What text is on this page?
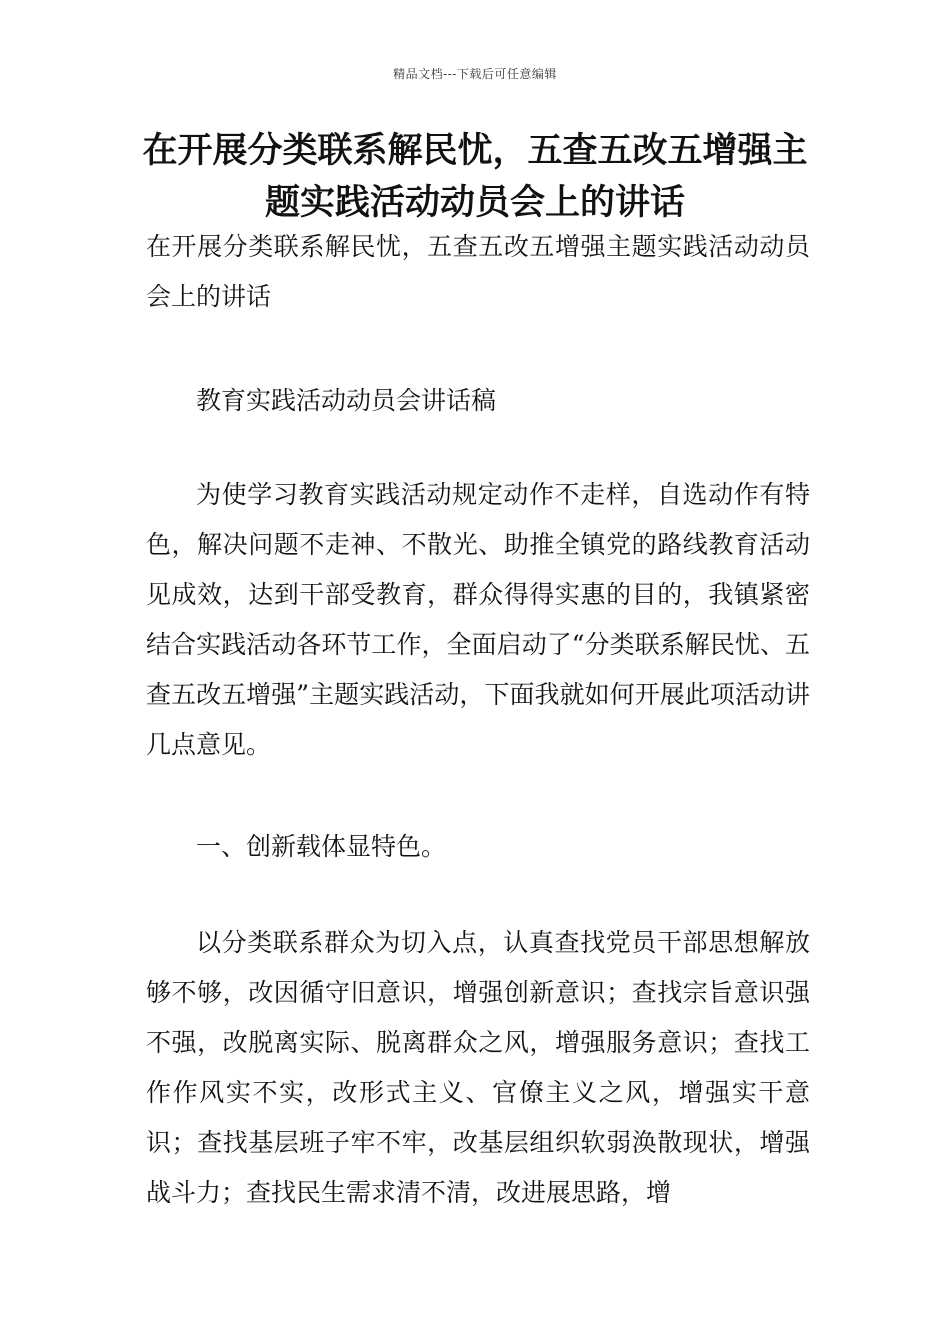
精品文档---下载后可任意编辑
在开展分类联系解民忧，五查五改五增强主题实践活动动员会上的讲话
在开展分类联系解民忧，五查五改五增强主题实践活动动员会上的讲话
教育实践活动动员会讲话稿
为使学习教育实践活动规定动作不走样，自选动作有特色，解决问题不走神、不散光、助推全镇党的路线教育活动见成效，达到干部受教育，群众得得实惠的目的，我镇紧密结合实践活动各环节工作，全面启动了“分类联系解民忧、五查五改五增强”主题实践活动，下面我就如何开展此项活动讲几点意见。
一、创新载体显特色。
以分类联系群众为切入点，认真查找党员干部思想解放够不够，改因循守旧意识，增强创新意识；查找宗旨意识强不强，改脱离实际、脱离群众之风，增强服务意识；查找工作作风实不实，改形式主义、官僚主义之风，增强实干意识；查找基层班子牢不牢，改基层组织软弱涣散现状，增强战斗力；查找民生需求清不清，改进展思路，增
